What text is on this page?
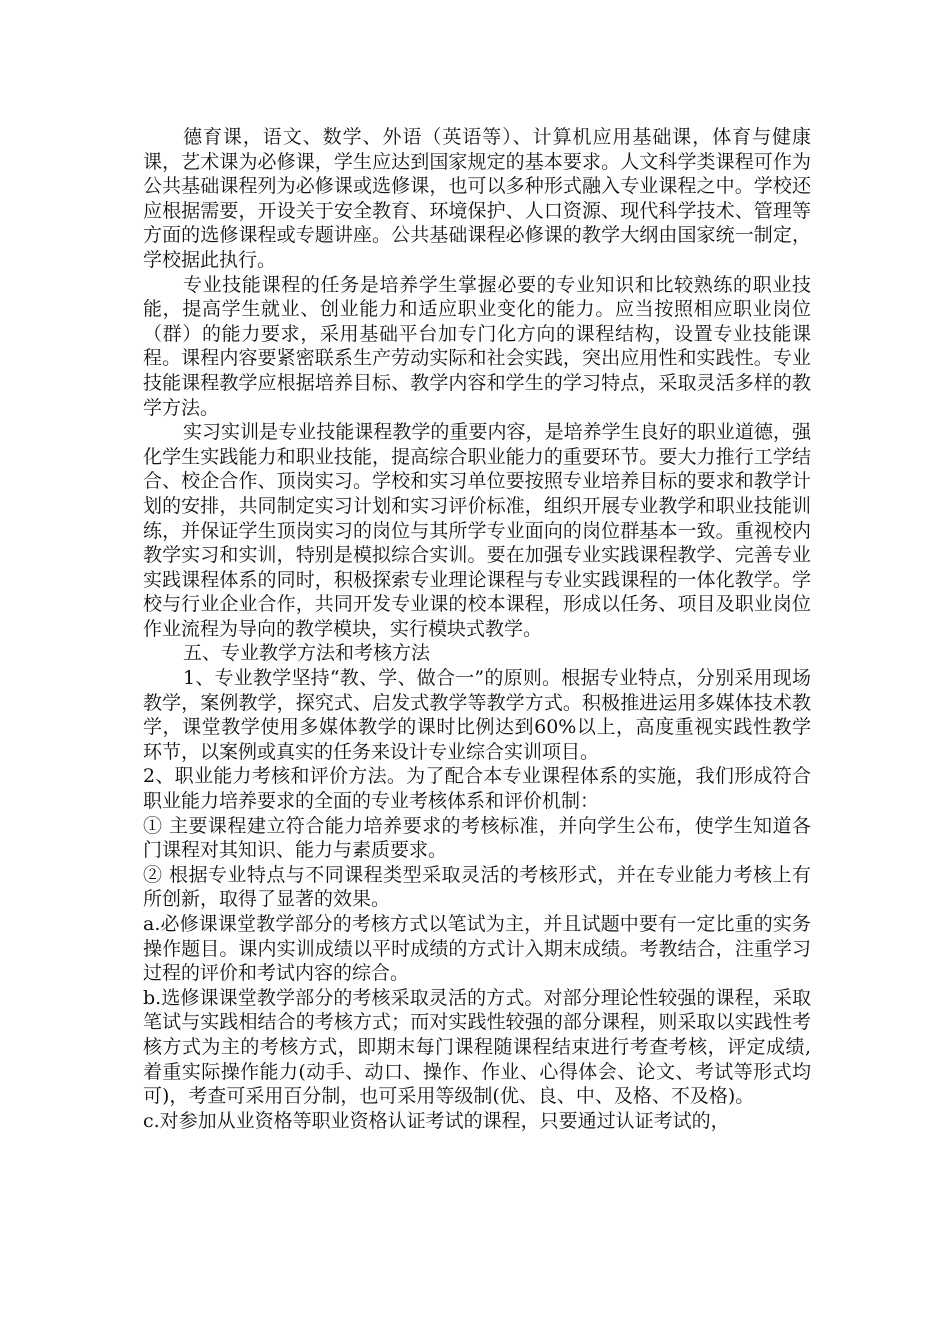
德育课，语文、数学、外语（英语等）、计算机应用基础课，体育与健康课，艺术课为必修课，学生应达到国家规定的基本要求。人文科学类课程可作为公共基础课程列为必修课或选修课，也可以多种形式融入专业课程之中。学校还应根据需要，开设关于安全教育、环境保护、人口资源、现代科学技术、管理等方面的选修课程或专题讲座。公共基础课程必修课的教学大纲由国家统一制定，学校据此执行。

专业技能课程的任务是培养学生掌握必要的专业知识和比较熟练的职业技能，提高学生就业、创业能力和适应职业变化的能力。应当按照相应职业岗位（群）的能力要求，采用基础平台加专门化方向的课程结构，设置专业技能课程。课程内容要紧密联系生产劳动实际和社会实践，突出应用性和实践性。专业技能课程教学应根据培养目标、教学内容和学生的学习特点，采取灵活多样的教学方法。

实习实训是专业技能课程教学的重要内容，是培养学生良好的职业道德，强化学生实践能力和职业技能，提高综合职业能力的重要环节。要大力推行工学结合、校企合作、顶岗实习。学校和实习单位要按照专业培养目标的要求和教学计划的安排，共同制定实习计划和实习评价标准，组织开展专业教学和职业技能训练，并保证学生顶岗实习的岗位与其所学专业面向的岗位群基本一致。重视校内教学实习和实训，特别是模拟综合实训。要在加强专业实践课程教学、完善专业实践课程体系的同时，积极探索专业理论课程与专业实践课程的一体化教学。学校与行业企业合作，共同开发专业课的校本课程，形成以任务、项目及职业岗位作业流程为导向的教学模块，实行模块式教学。

五、专业教学方法和考核方法

1、专业教学坚持“教、学、做合一”的原则。根据专业特点，分别采用现场教学，案例教学，探究式、启发式教学等教学方式。积极推进运用多媒体技术教学，课堂教学使用多媒体教学的课时比例达到60%以上，高度重视实践性教学环节，以案例或真实的任务来设计专业综合实训项目。

2、职业能力考核和评价方法。为了配合本专业课程体系的实施，我们形成符合职业能力培养要求的全面的专业考核体系和评价机制：

① 主要课程建立符合能力培养要求的考核标准，并向学生公布，使学生知道各门课程对其知识、能力与素质要求。

② 根据专业特点与不同课程类型采取灵活的考核形式，并在专业能力考核上有所创新，取得了显著的效果。

a.必修课课堂教学部分的考核方式以笔试为主，并且试题中要有一定比重的实务操作题目。课内实训成绩以平时成绩的方式计入期末成绩。考教结合，注重学习过程的评价和考试内容的综合。

b.选修课课堂教学部分的考核采取灵活的方式。对部分理论性较强的课程，采取笔试与实践相结合的考核方式；而对实践性较强的部分课程，则采取以实践性考核方式为主的考核方式，即期末每门课程随课程结束进行考查考核，评定成绩,着重实际操作能力(动手、动口、操作、作业、心得体会、论文、考试等形式均可)，考查可采用百分制，也可采用等级制(优、良、中、及格、不及格)。

c.对参加从业资格等职业资格认证考试的课程，只要通过认证考试的，
